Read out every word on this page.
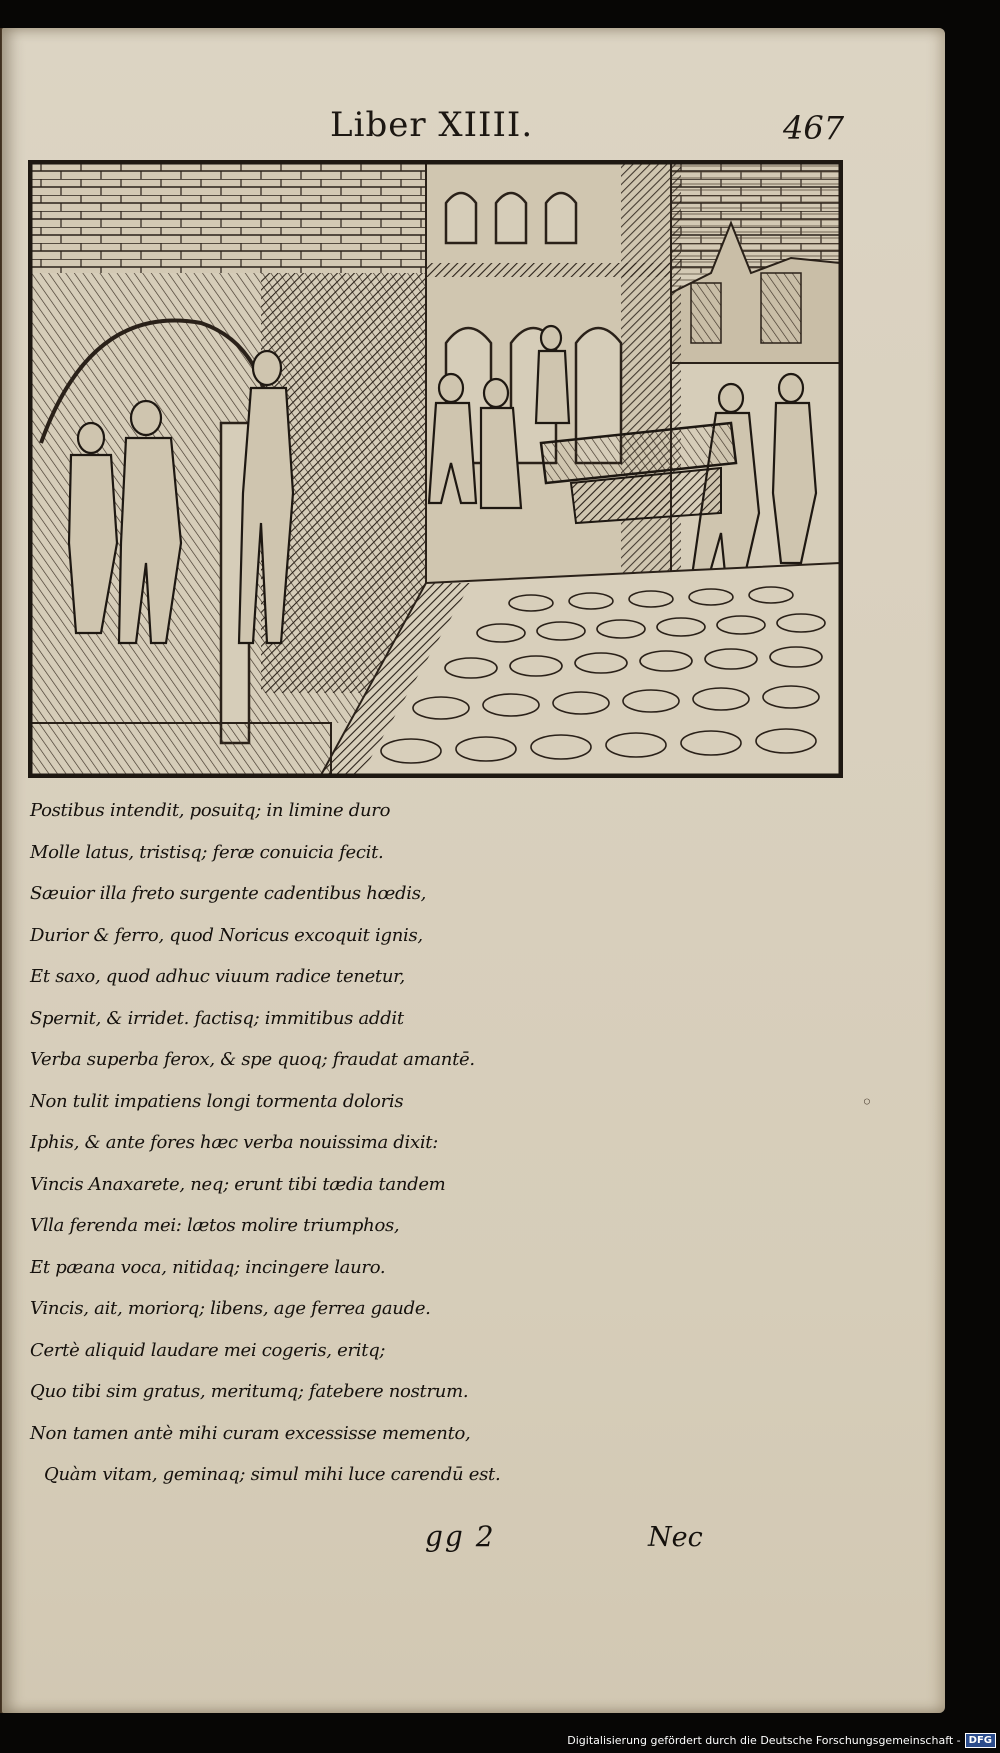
Liber XIIII.	467
Postibus intendit, posuitq; in limine duro
Molle latus, tristisq; feræ conuicia fecit.
Sæuior illa freto surgente cadentibus hœdis,
Durior & ferro, quod Noricus excoquit ignis,
Et saxo, quod adhuc viuum radice tenetur,
Spernit, & irridet. factisq; immitibus addit
Verba superba ferox, & spe quoq; fraudat amantē.
Non tulit impatiens longi tormenta doloris
Iphis, & ante fores hæc verba nouissima dixit:
Vincis Anaxarete, neq; erunt tibi tædia tandem
Vlla ferenda mei: lætos molire triumphos,
Et pæana voca, nitidaq; incingere lauro.
Vincis, ait, moriorq; libens, age ferrea gaude.
Certè aliquid laudare mei cogeris, eritq;
Quo tibi sim gratus, meritumq; fatebere nostrum.
Non tamen antè mihi curam excessisse memento,
Quàm vitam, geminaq; simul mihi luce carendū est.
◦
gg 2	Nec
Digitalisierung gefördert durch die Deutsche Forschungsgemeinschaft - DFG
